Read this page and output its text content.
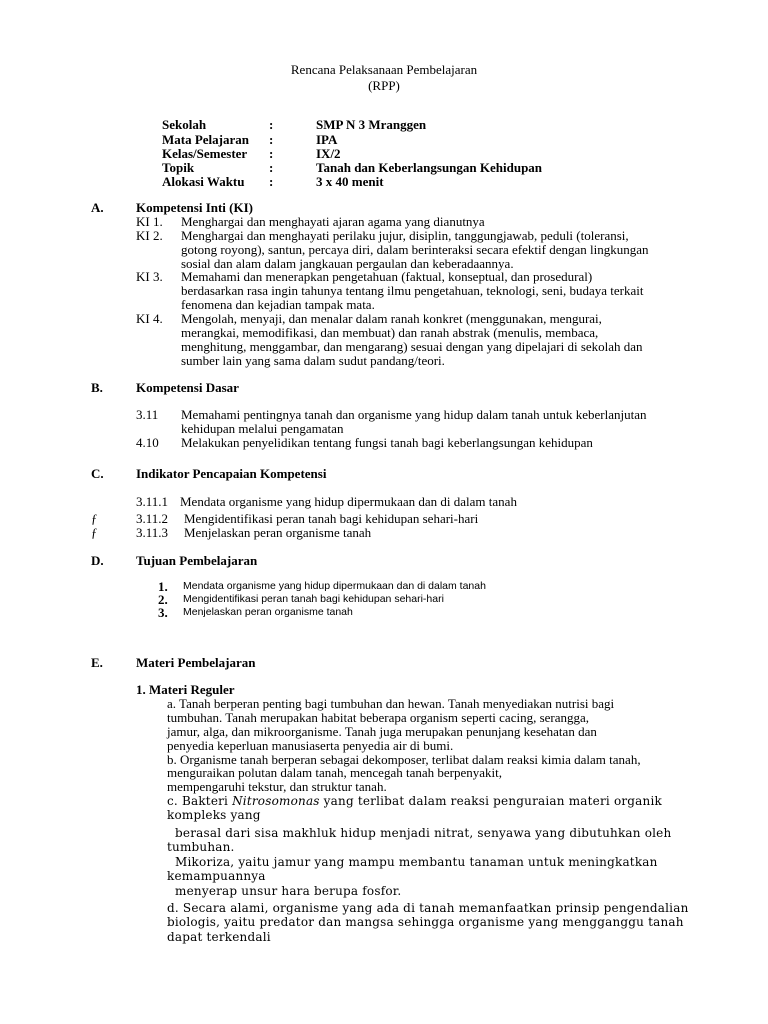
Rencana Pelaksanaan Pembelajaran
(RPP)
Sekolah	:	SMP N 3 Mranggen
Mata Pelajaran :	IPA
Kelas/Semester :	IX/2
Topik	:	Tanah dan Keberlangsungan Kehidupan
Alokasi Waktu :	3 x 40 menit
A. Kompetensi Inti (KI)
KI 1. Menghargai dan menghayati ajaran agama yang dianutnya
KI 2. Menghargai dan menghayati perilaku jujur, disiplin, tanggungjawab, peduli (toleransi,
gotong royong), santun, percaya diri, dalam berinteraksi secara efektif dengan lingkungan
sosial dan alam dalam jangkauan pergaulan dan keberadaannya.
KI 3. Memahami dan menerapkan pengetahuan (faktual, konseptual, dan prosedural)
berdasarkan rasa ingin tahunya tentang ilmu pengetahuan, teknologi, seni, budaya terkait
fenomena dan kejadian tampak mata.
KI 4. Mengolah, menyaji, dan menalar dalam ranah konkret (menggunakan, mengurai,
merangkai, memodifikasi, dan membuat) dan ranah abstrak (menulis, membaca,
menghitung, menggambar, dan mengarang) sesuai dengan yang dipelajari di sekolah dan
sumber lain yang sama dalam sudut pandang/teori.
B.	Kompetensi Dasar
3.11 Memahami pentingnya tanah dan organisme yang hidup dalam tanah untuk keberlanjutan
kehidupan melalui pengamatan
4.10 Melakukan penyelidikan tentang fungsi tanah bagi keberlangsungan kehidupan
C. Indikator Pencapaian Kompetensi
3.11.1 Mendata organisme yang hidup dipermukaan dan di dalam tanah
ƒ	3.11.2 Mengidentifikasi peran tanah bagi kehidupan sehari-hari
ƒ	3.11.3 Menjelaskan peran organisme tanah
D. Tujuan Pembelajaran
1. Mendata organisme yang hidup dipermukaan dan di dalam tanah
2. Mengidentifikasi peran tanah bagi kehidupan sehari-hari
3. Menjelaskan peran organisme tanah
E.	Materi Pembelajaran
1. Materi Reguler
a. Tanah berperan penting bagi tumbuhan dan hewan. Tanah menyediakan nutrisi bagi
tumbuhan. Tanah merupakan habitat beberapa organism seperti cacing, serangga,
jamur, alga, dan mikroorganisme. Tanah juga merupakan penunjang kesehatan dan
penyedia keperluan manusiaserta penyedia air di bumi.
b. Organisme tanah berperan sebagai dekomposer, terlibat dalam reaksi kimia dalam tanah,
menguraikan polutan dalam tanah, mencegah tanah berpenyakit,
mempengaruhi tekstur, dan struktur tanah.
c. Bakteri Nitrosomonas yang terlibat dalam reaksi penguraian materi organik
kompleks yang
berasal dari sisa makhluk hidup menjadi nitrat, senyawa yang dibutuhkan oleh
tumbuhan.
Mikoriza, yaitu jamur yang mampu membantu tanaman untuk meningkatkan
kemampuannya
menyerap unsur hara berupa fosfor.
d. Secara alami, organisme yang ada di tanah memanfaatkan prinsip pengendalian
biologis, yaitu predator dan mangsa sehingga organisme yang mengganggu tanah
dapat terkendali
